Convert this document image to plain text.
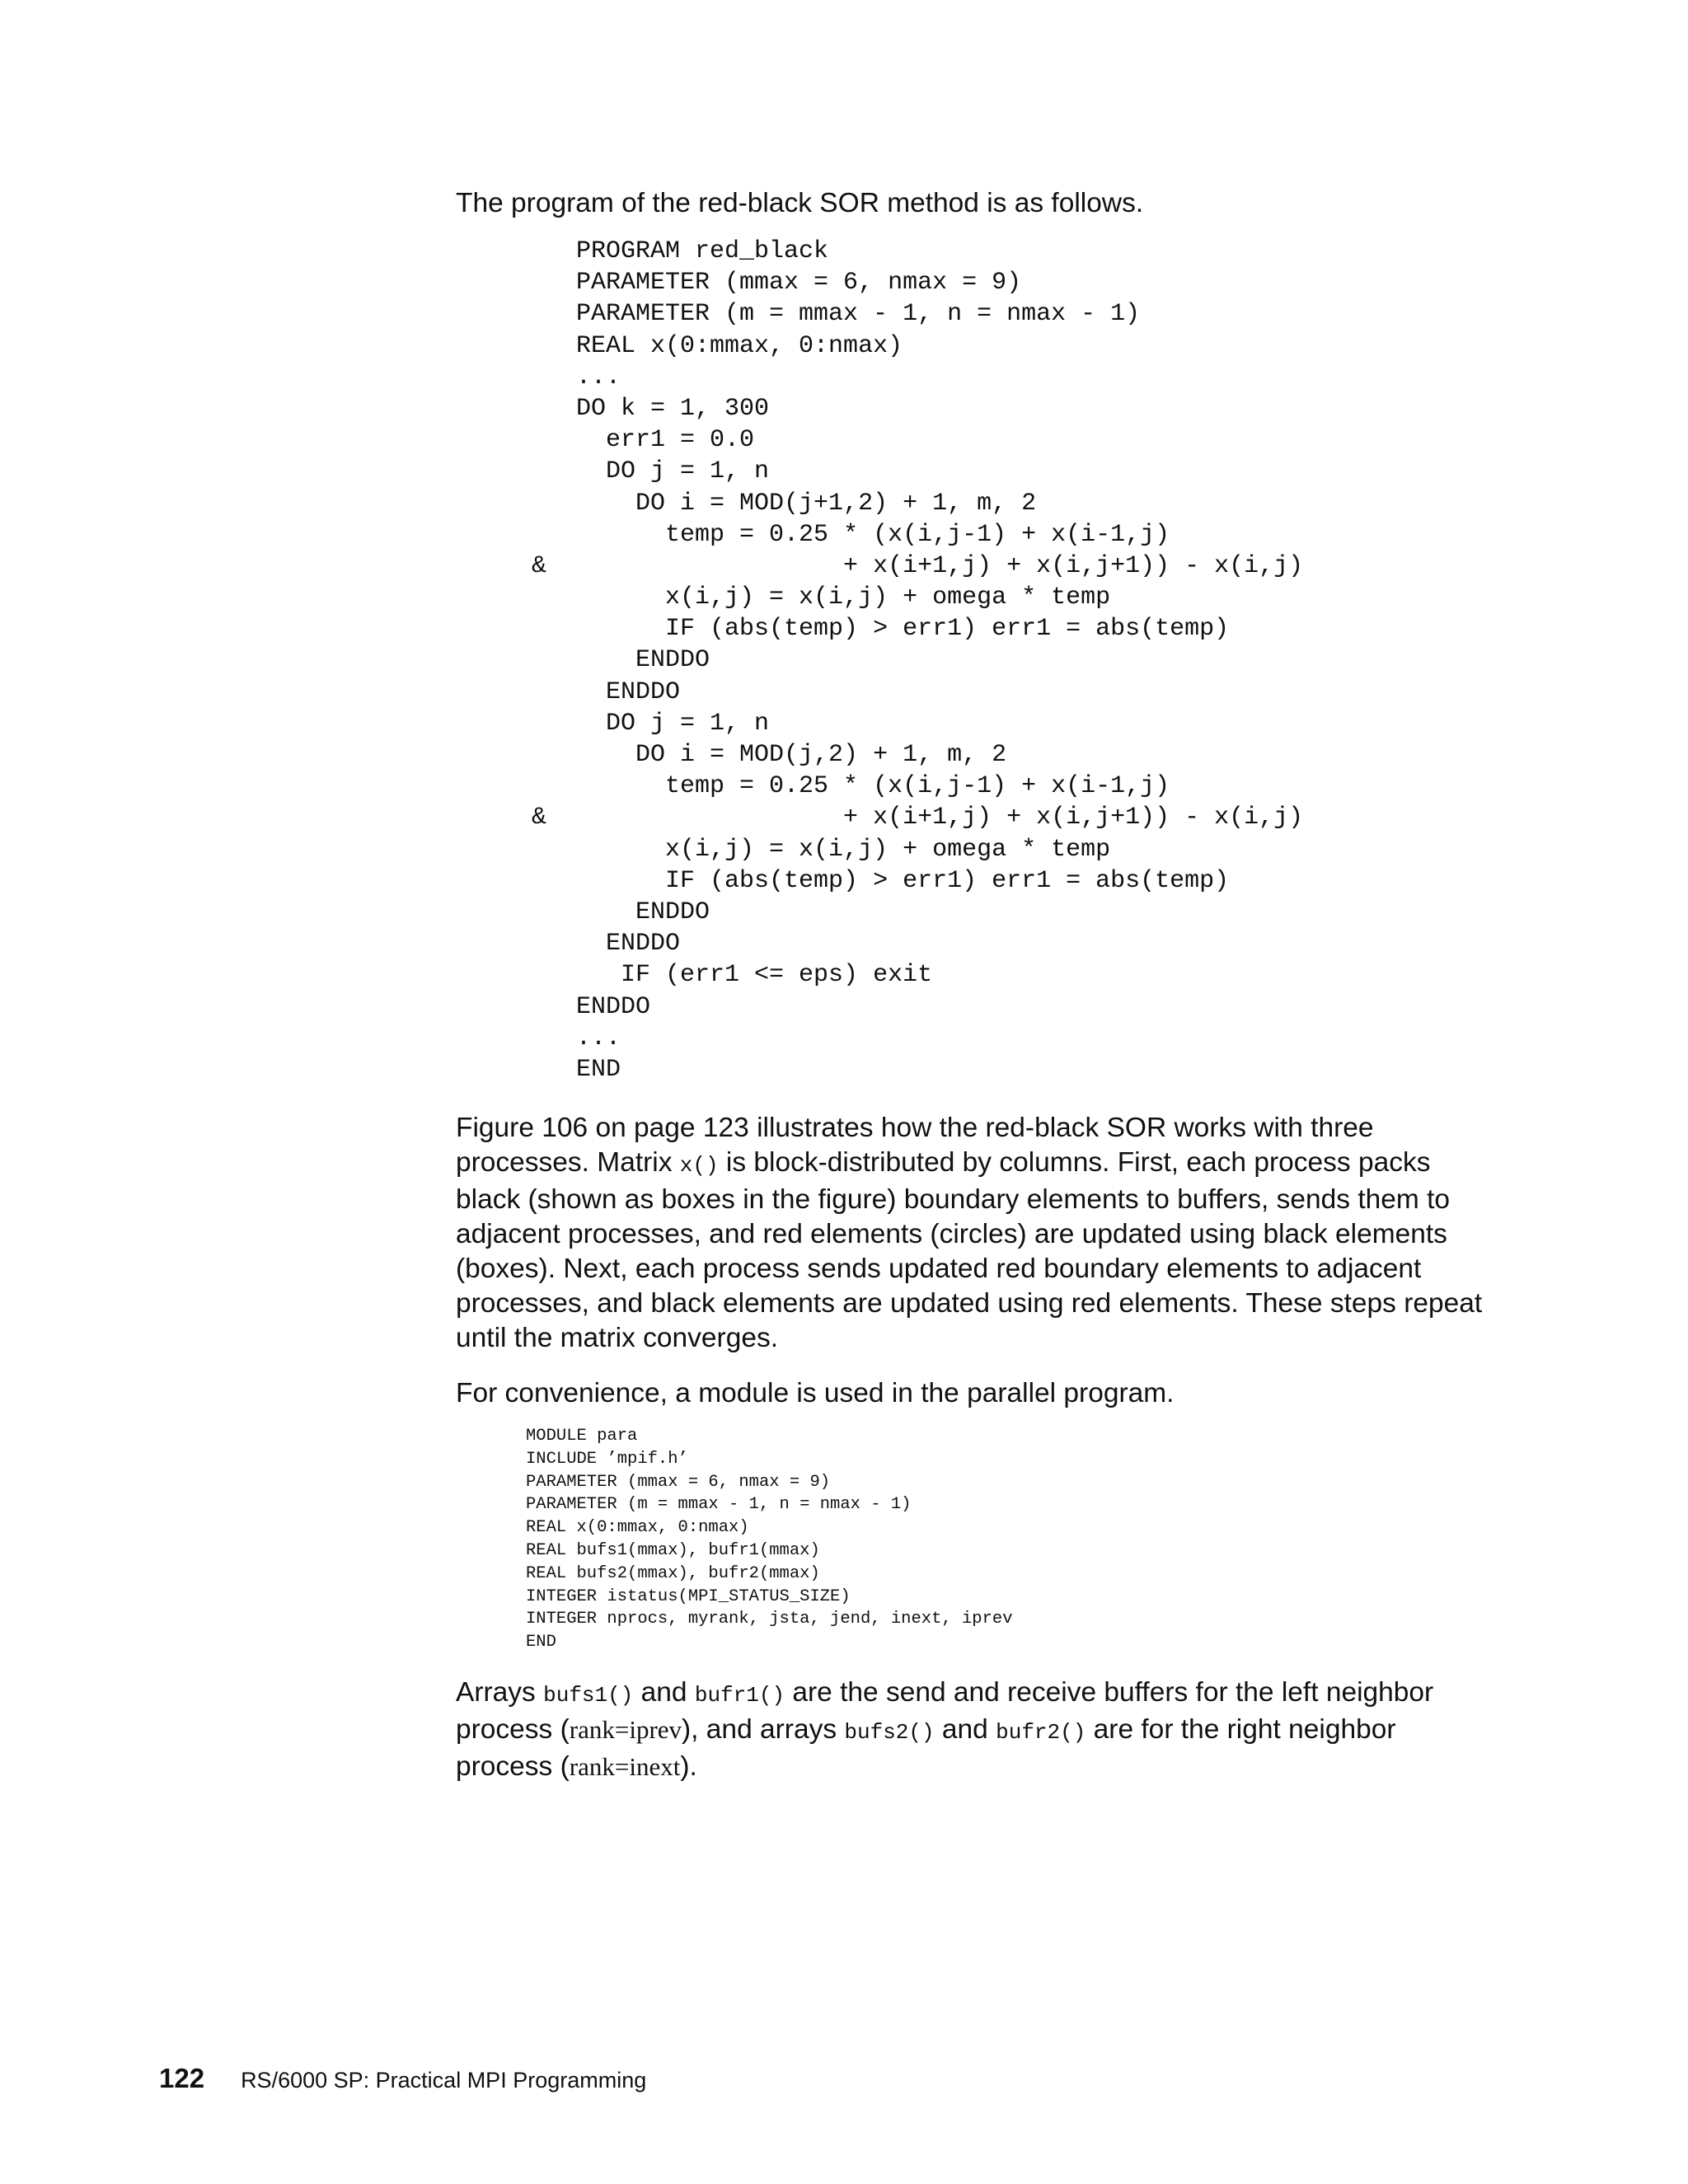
The program of the red-black SOR method is as follows.

PROGRAM red_black
PARAMETER (mmax = 6, nmax = 9)
PARAMETER (m = mmax - 1, n = nmax - 1)
REAL x(0:mmax, 0:nmax)
...
DO k = 1, 300
err1 = 0.0
DO j = 1, n
DO i = MOD(j+1,2) + 1, m, 2
temp = 0.25 * (x(i,j-1) + x(i-1,j)
&                    + x(i+1,j) + x(i,j+1)) - x(i,j)
x(i,j) = x(i,j) + omega * temp
IF (abs(temp) > err1) err1 = abs(temp)
ENDDO
ENDDO
DO j = 1, n
DO i = MOD(j,2) + 1, m, 2
temp = 0.25 * (x(i,j-1) + x(i-1,j)
&                    + x(i+1,j) + x(i,j+1)) - x(i,j)
x(i,j) = x(i,j) + omega * temp
IF (abs(temp) > err1) err1 = abs(temp)
ENDDO
ENDDO
IF (err1 <= eps) exit
ENDDO
...
END

Figure 106 on page 123 illustrates how the red-black SOR works with three processes. Matrix x() is block-distributed by columns. First, each process packs black (shown as boxes in the figure) boundary elements to buffers, sends them to adjacent processes, and red elements (circles) are updated using black elements (boxes). Next, each process sends updated red boundary elements to adjacent processes, and black elements are updated using red elements. These steps repeat until the matrix converges.

For convenience, a module is used in the parallel program.

MODULE para
INCLUDE ’mpif.h’
PARAMETER (mmax = 6, nmax = 9)
PARAMETER (m = mmax - 1, n = nmax - 1)
REAL x(0:mmax, 0:nmax)
REAL bufs1(mmax), bufr1(mmax)
REAL bufs2(mmax), bufr2(mmax)
INTEGER istatus(MPI_STATUS_SIZE)
INTEGER nprocs, myrank, jsta, jend, inext, iprev
END

Arrays bufs1() and bufr1() are the send and receive buffers for the left neighbor process (rank=iprev), and arrays bufs2() and bufr2() are for the right neighbor process (rank=inext).

122 RS/6000 SP: Practical MPI Programming
